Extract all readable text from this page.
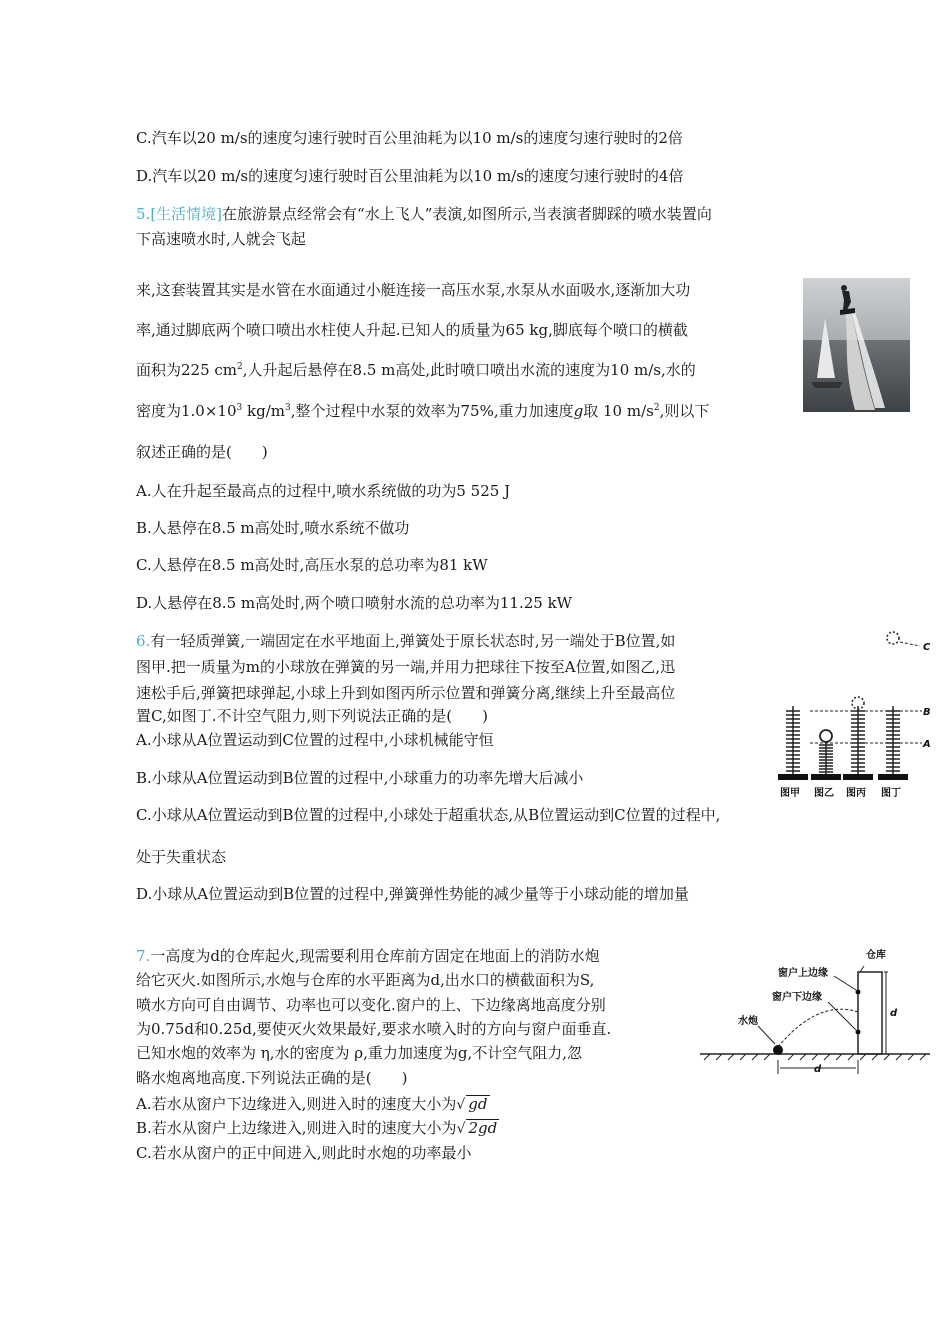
C.汽车以20 m/s的速度匀速行驶时百公里油耗为以10 m/s的速度匀速行驶时的2倍
D.汽车以20 m/s的速度匀速行驶时百公里油耗为以10 m/s的速度匀速行驶时的4倍
5.[生活情境]在旅游景点经常会有“水上飞人”表演,如图所示,当表演者脚踩的喷水装置向
下高速喷水时,人就会飞起
来,这套装置其实是水管在水面通过小艇连接一高压水泵,水泵从水面吸水,逐渐加大功
率,通过脚底两个喷口喷出水柱使人升起.已知人的质量为65 kg,脚底每个喷口的横截
面积为225 $cm^2$,人升起后悬停在8.5 m高处,此时喷口喷出水流的速度为10 m/s,水的
密度为$1.0\times 10^3$ $kg/m^3$,整个过程中水泵的效率为75%,重力加速度g取 10 $m/s^2$,则以下
叙述正确的是(　　)
A.人在升起至最高点的过程中,喷水系统做的功为5 525 J
B.人悬停在8.5 m高处时,喷水系统不做功
C.人悬停在8.5 m高处时,高压水泵的总功率为81 kW
D.人悬停在8.5 m高处时,两个喷口喷射水流的总功率为11.25 kW
6.有一轻质弹簧,一端固定在水平地面上,弹簧处于原长状态时,另一端处于B位置,如
图甲.把一质量为m的小球放在弹簧的另一端,并用力把球往下按至A位置,如图乙,迅
速松手后,弹簧把球弹起,小球上升到如图丙所示位置和弹簧分离,继续上升至最高位
置C,如图丁.不计空气阻力,则下列说法正确的是(　　)
A.小球从A位置运动到C位置的过程中,小球机械能守恒
B.小球从A位置运动到B位置的过程中,小球重力的功率先增大后减小
C.小球从A位置运动到B位置的过程中,小球处于超重状态,从B位置运动到C位置的过程中,
处于失重状态
D.小球从A位置运动到B位置的过程中,弹簧弹性势能的减少量等于小球动能的增加量
C
B
A
图甲 图乙 图丙 图丁
7.一高度为d的仓库起火,现需要利用仓库前方固定在地面上的消防水炮
给它灭火.如图所示,水炮与仓库的水平距离为d,出水口的横截面积为S,
喷水方向可自由调节、功率也可以变化.窗户的上、下边缘离地高度分别
为0.75d和0.25d,要使灭火效果最好,要求水喷入时的方向与窗户面垂直.
已知水炮的效率为 η,水的密度为 ρ,重力加速度为g,不计空气阻力,忽
略水炮离地高度.下列说法正确的是(　　)
A.若水从窗户下边缘进入,则进入时的速度大小为√ gd
B.若水从窗户上边缘进入,则进入时的速度大小为√ 2gd
C.若水从窗户的正中间进入,则此时水炮的功率最小
d
d
仓库
窗户上边缘
窗户下边缘
水炮
